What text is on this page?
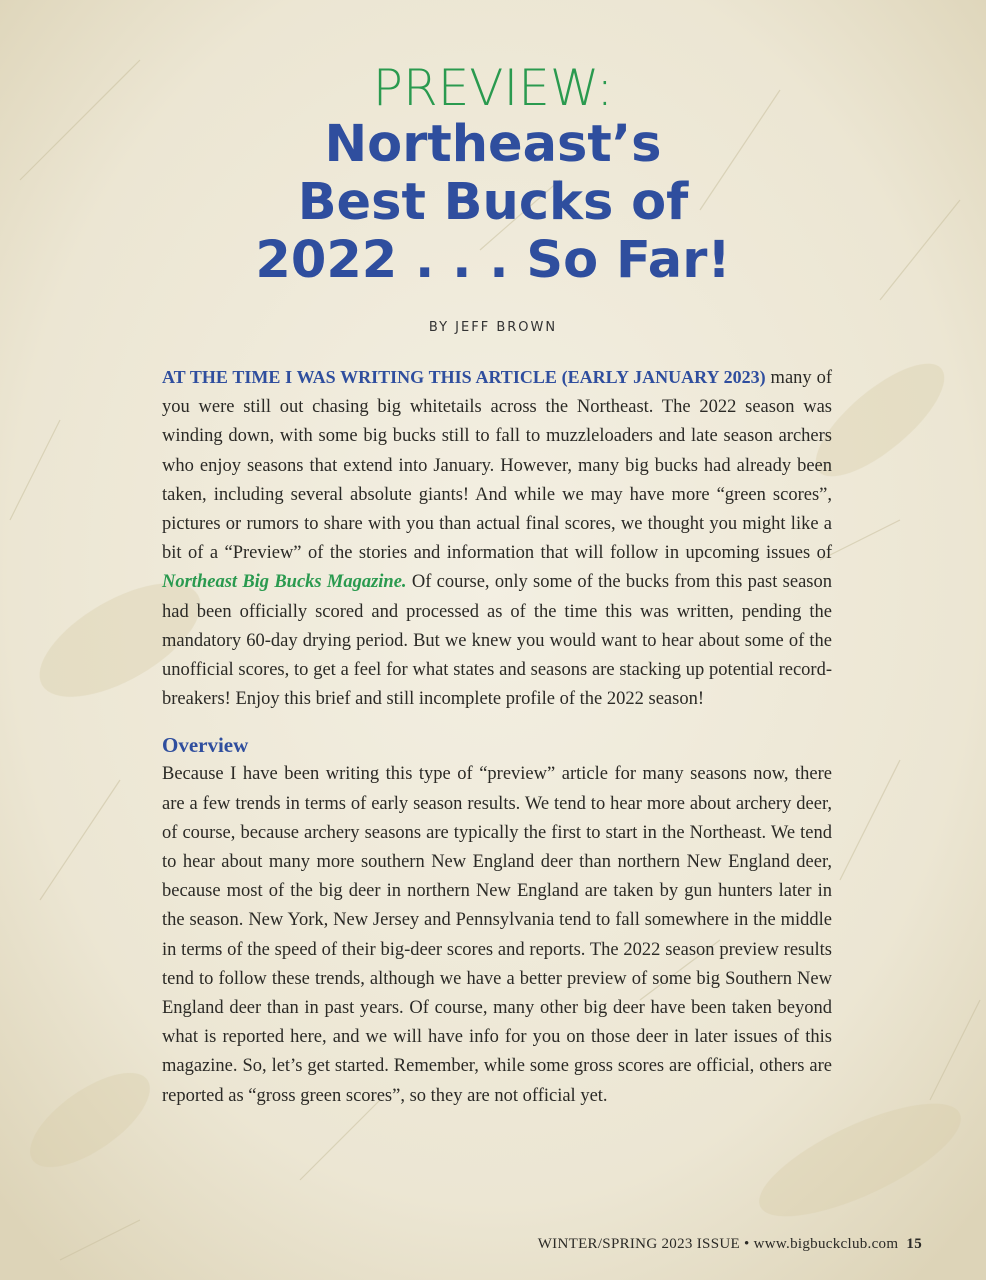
PREVIEW:
Northeast’s
Best Bucks of
2022 . . . So Far!
BY JEFF BROWN

AT THE TIME I WAS WRITING THIS ARTICLE (EARLY JANUARY 2023) many of you were still out chasing big whitetails across the Northeast. The 2022 season was winding down, with some big bucks still to fall to muzzleloaders and late season archers who enjoy seasons that extend into January. However, many big bucks had already been taken, including several absolute giants! And while we may have more “green scores”, pictures or rumors to share with you than actual final scores, we thought you might like a bit of a “Preview” of the stories and information that will follow in upcoming issues of Northeast Big Bucks Magazine. Of course, only some of the bucks from this past season had been officially scored and processed as of the time this was written, pending the mandatory 60-day drying period. But we knew you would want to hear about some of the unofficial scores, to get a feel for what states and seasons are stacking up potential record-breakers! Enjoy this brief and still incomplete profile of the 2022 season!

Overview

Because I have been writing this type of “preview” article for many seasons now, there are a few trends in terms of early season results. We tend to hear more about archery deer, of course, because archery seasons are typically the first to start in the Northeast. We tend to hear about many more southern New England deer than northern New England deer, because most of the big deer in northern New England are taken by gun hunters later in the season. New York, New Jersey and Pennsylvania tend to fall somewhere in the middle in terms of the speed of their big-deer scores and reports. The 2022 season preview results tend to follow these trends, although we have a better preview of some big Southern New England deer than in past years. Of course, many other big deer have been taken beyond what is reported here, and we will have info for you on those deer in later issues of this magazine. So, let’s get started. Remember, while some gross scores are official, others are reported as “gross green scores”, so they are not official yet.

WINTER/SPRING 2023 ISSUE • www.bigbuckclub.com 15
